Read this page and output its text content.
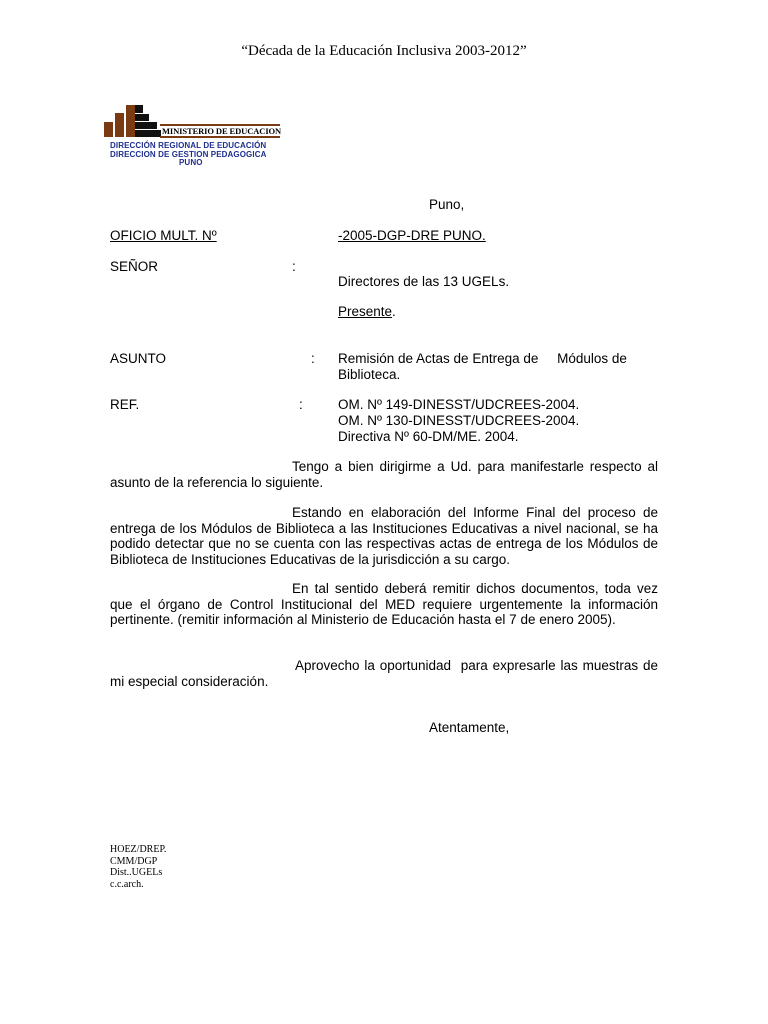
“Década de la Educación Inclusiva 2003-2012”
MINISTERIO DE EDUCACION
DIRECCIÓN REGIONAL DE EDUCACIÓN
DIRECCION DE GESTION PEDAGOGICA
PUNO
Puno,
OFICIO MULT. Nº	-2005-DGP-DRE PUNO.
SEÑOR	:
Directores de las 13 UGELs.
Presente.
ASUNTO	: Remisión de Actas de Entrega de     Módulos de
Biblioteca.
REF.	:	OM. Nº 149-DINESST/UDCREES-2004.
OM. Nº 130-DINESST/UDCREES-2004.
Directiva Nº 60-DM/ME. 2004.
Tengo a bien dirigirme a Ud. para manifestarle respecto al asunto de la referencia lo siguiente.
Estando en elaboración del Informe Final del proceso de entrega de los Módulos de Biblioteca a las Instituciones Educativas a nivel nacional, se ha podido detectar que no se cuenta con las respectivas actas de entrega de los Módulos de Biblioteca de Instituciones Educativas de la jurisdicción a su cargo.
En tal sentido deberá remitir dichos documentos, toda vez que el órgano de Control Institucional del MED requiere urgentemente la información pertinente. (remitir información al Ministerio de Educación hasta el 7 de enero 2005).
Aprovecho la oportunidad  para expresarle las muestras de mi especial consideración.
Atentamente,
HOEZ/DREP.
CMM/DGP
Dist..UGELs
c.c.arch.
